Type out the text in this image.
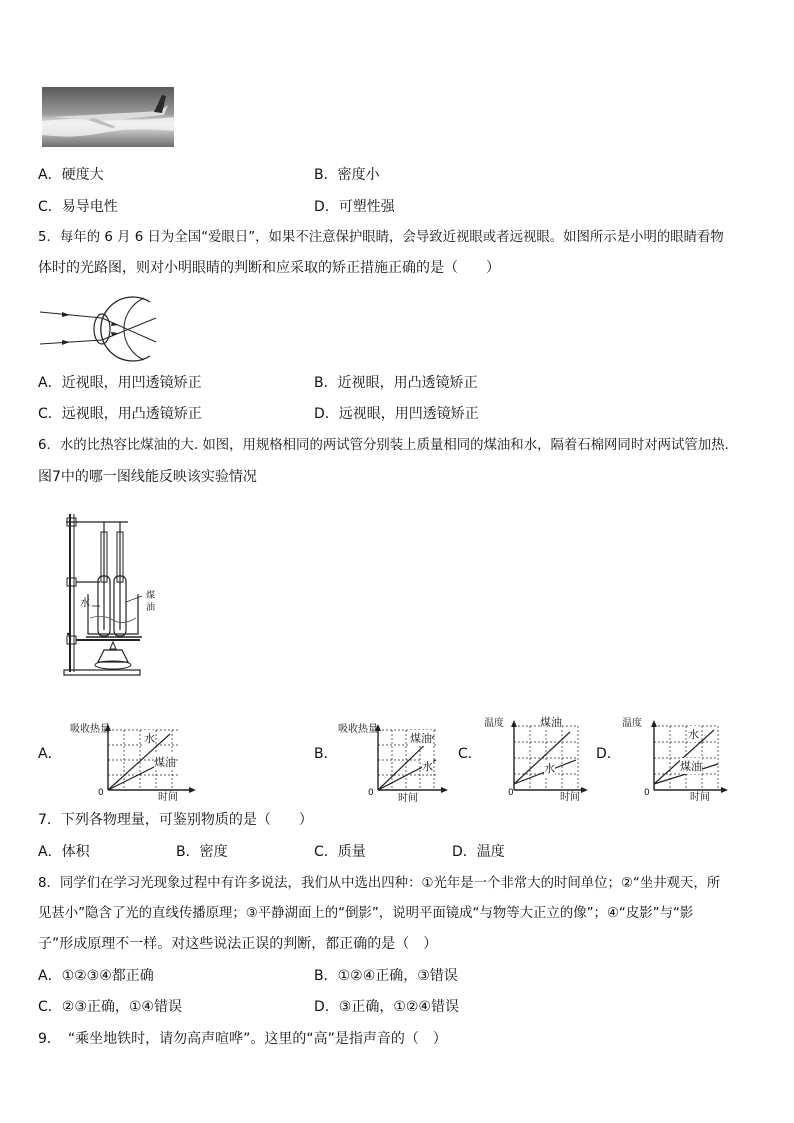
A．硬度大	B．密度小
C．易导电性	D．可塑性强
5．每年的 6 月 6 日为全国“爱眼日”，如果不注意保护眼睛，会导致近视眼或者远视眼。如图所示是小明的眼睛看物
体时的光路图，则对小明眼睛的判断和应采取的矫正措施正确的是（　　）
A．近视眼，用凹透镜矫正	B．近视眼，用凸透镜矫正
C．远视眼，用凸透镜矫正	D．远视眼，用凹透镜矫正
6．水的比热容比煤油的大. 如图，用规格相同的两试管分别装上质量相同的煤油和水，隔着石棉网同时对两试管加热.
图7中的哪一图线能反映该实验情况
水
煤
油
A．	B．	C．	D．
吸收热量
水
煤油
0
吸收热量
煤油
水
0 时间
温度	煤油
水
0	时间
温度
水
煤油
0	时间
时间
7．下列各物理量，可鉴别物质的是（　　）
A．体积	B．密度	C．质量	D．温度
8．同学们在学习光现象过程中有许多说法，我们从中选出四种：①光年是一个非常大的时间单位；②“坐井观天，所
见甚小”隐含了光的直线传播原理；③平静湖面上的“倒影”，说明平面镜成“与物等大正立的像”；④“皮影”与“影
子”形成原理不一样。对这些说法正误的判断，都正确的是（　）
A．①②③④都正确	B．①②④正确，③错误
C．②③正确，①④错误	D．③正确，①②④错误
9．　“乘坐地铁时，请勿高声喧哗”。这里的“高”是指声音的（　）
